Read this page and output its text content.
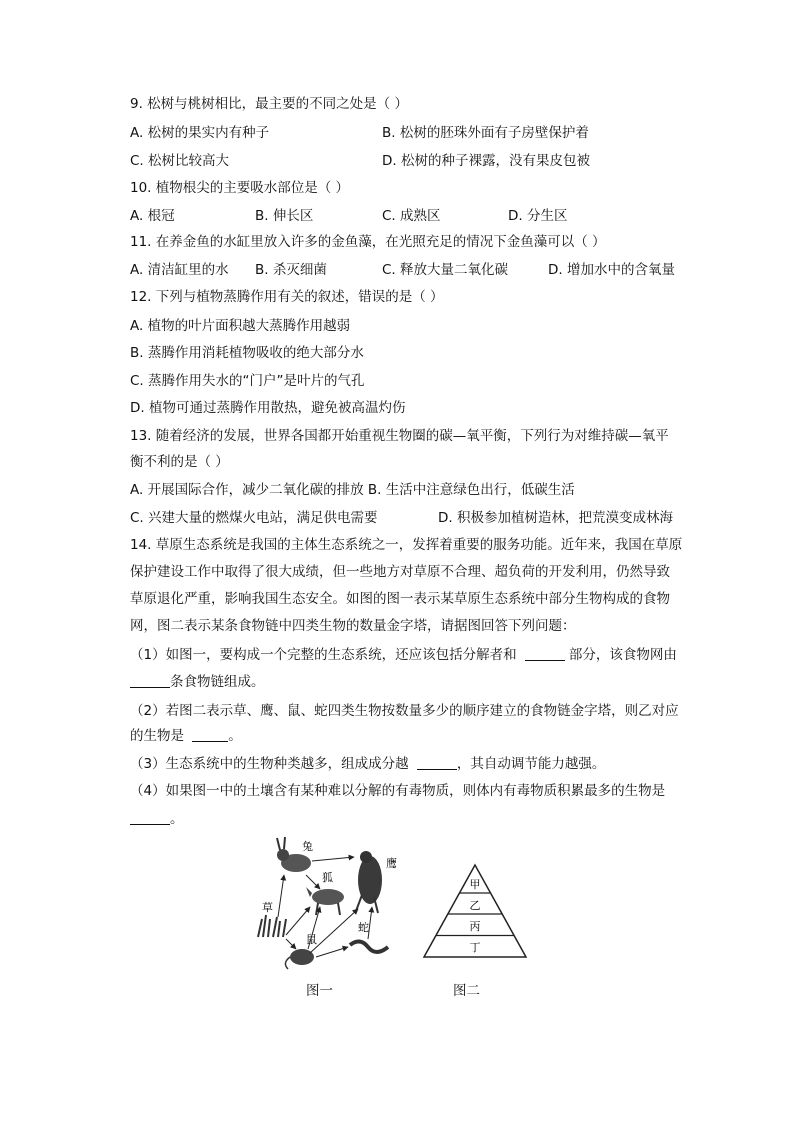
9. 松树与桃树相比，最主要的不同之处是（ ）
A. 松树的果实内有种子	B. 松树的胚珠外面有子房壁保护着
C. 松树比较高大	D. 松树的种子裸露，没有果皮包被
10. 植物根尖的主要吸水部位是（ ）
A. 根冠	B. 伸长区	C. 成熟区	D. 分生区
11. 在养金鱼的水缸里放入许多的金鱼藻，在光照充足的情况下金鱼藻可以（ ）
A. 清洁缸里的水 B. 杀灭细菌	C. 释放大量二氧化碳	D. 增加水中的含氧量
12. 下列与植物蒸腾作用有关的叙述，错误的是（ ）
A. 植物的叶片面积越大蒸腾作用越弱
B. 蒸腾作用消耗植物吸收的绝大部分水
C. 蒸腾作用失水的“门户”是叶片的气孔
D. 植物可通过蒸腾作用散热，避免被高温灼伤
13. 随着经济的发展，世界各国都开始重视生物圈的碳—氧平衡，下列行为对维持碳—氧平
衡不利的是（ ）
A. 开展国际合作，减少二氧化碳的排放 B. 生活中注意绿色出行，低碳生活
C. 兴建大量的燃煤火电站，满足供电需要	D. 积极参加植树造林，把荒漠变成林海
14. 草原生态系统是我国的主体生态系统之一，发挥着重要的服务功能。近年来，我国在草原
保护建设工作中取得了很大成绩，但一些地方对草原不合理、超负荷的开发利用，仍然导致
草原退化严重，影响我国生态安全。如图的图一表示某草原生态系统中部分生物构成的食物
网，图二表示某条食物链中四类生物的数量金字塔，请据图回答下列问题：
（1）如图一，要构成一个完整的生态系统，还应该包括分解者和	部分，该食物网由
条食物链组成。
（2）若图二表示草、鹰、鼠、蛇四类生物按数量多少的顺序建立的食物链金字塔，则乙对应
的生物是	。
（3）生态系统中的生物种类越多，组成成分越	，其自动调节能力越强。
（4）如果图一中的土壤含有某种难以分解的有毒物质，则体内有毒物质积累最多的生物是
。
兔
鹰
狐
草
鼠
蛇
图一
甲
乙
丙
丁
图二
